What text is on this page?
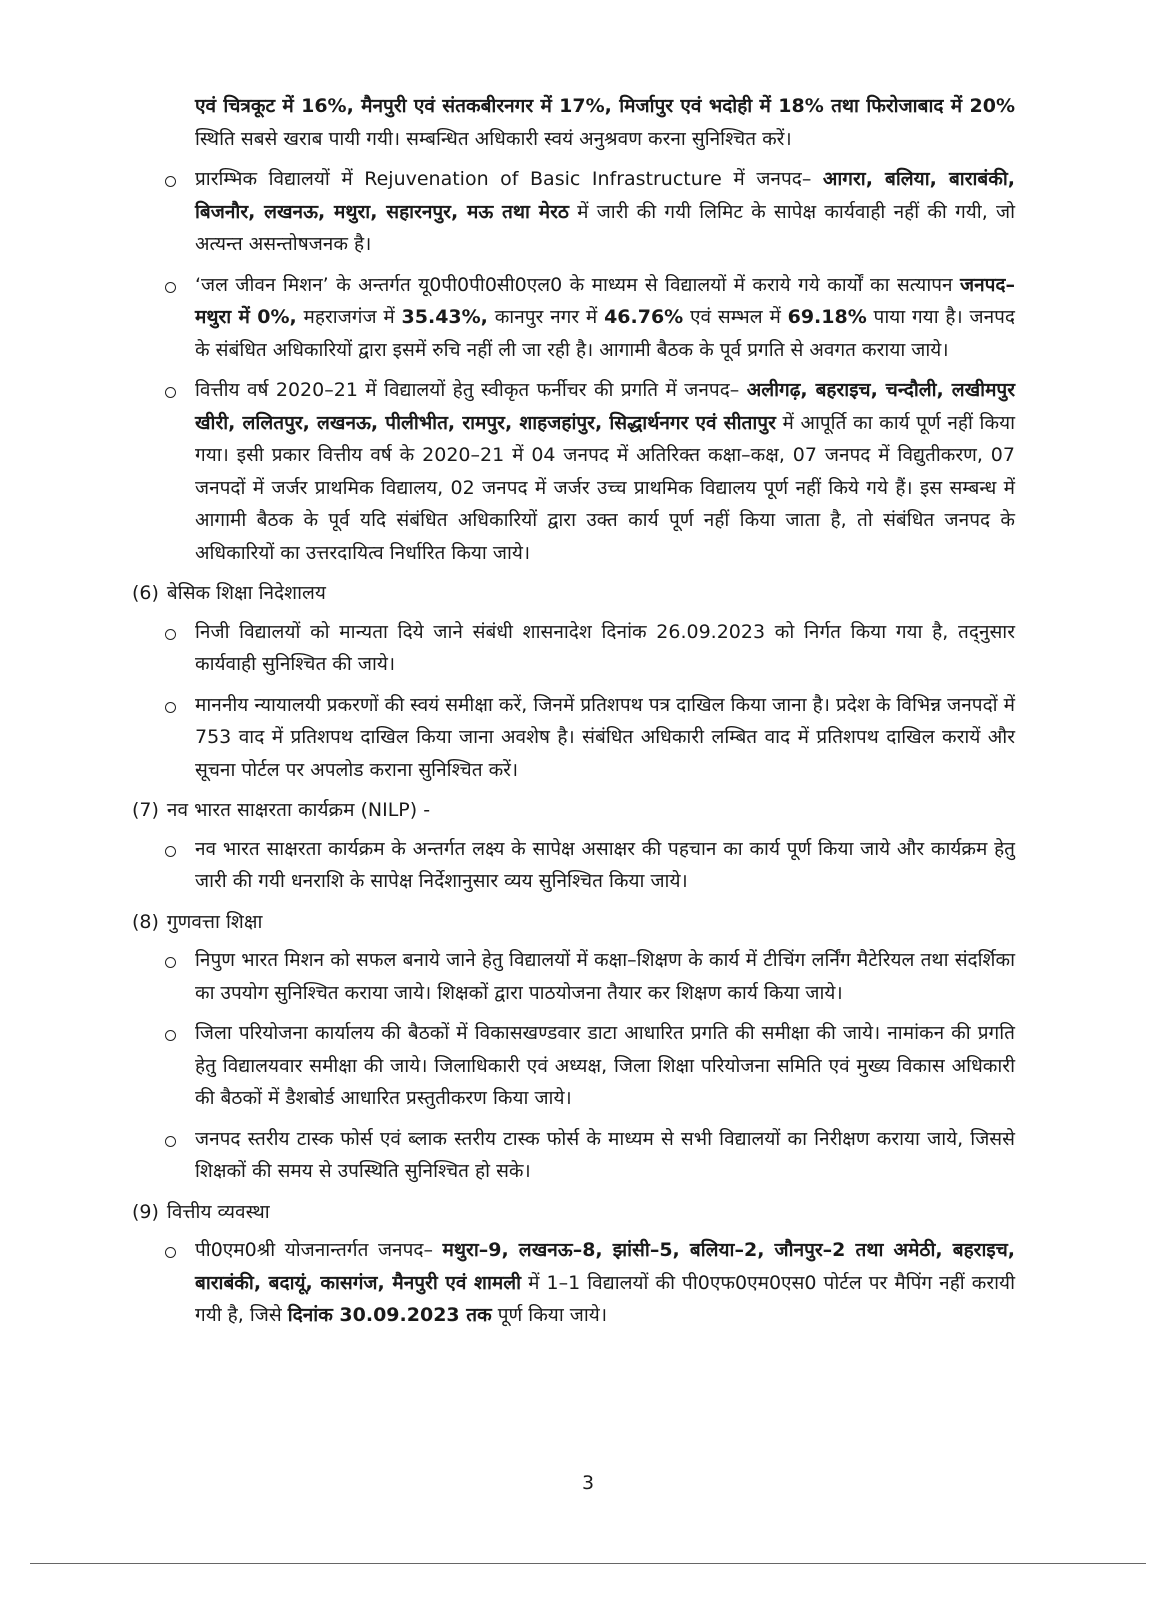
एवं चित्रकूट में 16%, मैनपुरी एवं संतकबीरनगर में 17%, मिर्जापुर एवं भदोही में 18% तथा फिरोजाबाद में 20% स्थिति सबसे खराब पायी गयी। सम्बन्धित अधिकारी स्वयं अनुश्रवण करना सुनिश्चित करें।
प्रारम्भिक विद्यालयों में Rejuvenation of Basic Infrastructure में जनपद– आगरा, बलिया, बाराबंकी, बिजनौर, लखनऊ, मथुरा, सहारनपुर, मऊ तथा मेरठ में जारी की गयी लिमिट के सापेक्ष कार्यवाही नहीं की गयी, जो अत्यन्त असन्तोषजनक है।
‘जल जीवन मिशन’ के अन्तर्गत यू0पी0पी0सी0एल0 के माध्यम से विद्यालयों में कराये गये कार्यों का सत्यापन जनपद– मथुरा में 0%, महराजगंज में 35.43%, कानपुर नगर में 46.76% एवं सम्भल में 69.18% पाया गया है। जनपद के संबंधित अधिकारियों द्वारा इसमें रुचि नहीं ली जा रही है। आगामी बैठक के पूर्व प्रगति से अवगत कराया जाये।
वित्तीय वर्ष 2020–21 में विद्यालयों हेतु स्वीकृत फर्नीचर की प्रगति में जनपद– अलीगढ़, बहराइच, चन्दौली, लखीमपुर खीरी, ललितपुर, लखनऊ, पीलीभीत, रामपुर, शाहजहांपुर, सिद्धार्थनगर एवं सीतापुर में आपूर्ति का कार्य पूर्ण नहीं किया गया। इसी प्रकार वित्तीय वर्ष के 2020–21 में 04 जनपद में अतिरिक्त कक्षा–कक्ष, 07 जनपद में विद्युतीकरण, 07 जनपदों में जर्जर प्राथमिक विद्यालय, 02 जनपद में जर्जर उच्च प्राथमिक विद्यालय पूर्ण नहीं किये गये हैं। इस सम्बन्ध में आगामी बैठक के पूर्व यदि संबंधित अधिकारियों द्वारा उक्त कार्य पूर्ण नहीं किया जाता है, तो संबंधित जनपद के अधिकारियों का उत्तरदायित्व निर्धारित किया जाये।
(6) बेसिक शिक्षा निदेशालय
निजी विद्यालयों को मान्यता दिये जाने संबंधी शासनादेश दिनांक 26.09.2023 को निर्गत किया गया है, तद्नुसार कार्यवाही सुनिश्चित की जाये।
माननीय न्यायालयी प्रकरणों की स्वयं समीक्षा करें, जिनमें प्रतिशपथ पत्र दाखिल किया जाना है। प्रदेश के विभिन्न जनपदों में 753 वाद में प्रतिशपथ दाखिल किया जाना अवशेष है। संबंधित अधिकारी लम्बित वाद में प्रतिशपथ दाखिल करायें और सूचना पोर्टल पर अपलोड कराना सुनिश्चित करें।
(7) नव भारत साक्षरता कार्यक्रम (NILP) -
नव भारत साक्षरता कार्यक्रम के अन्तर्गत लक्ष्य के सापेक्ष असाक्षर की पहचान का कार्य पूर्ण किया जाये और कार्यक्रम हेतु जारी की गयी धनराशि के सापेक्ष निर्देशानुसार व्यय सुनिश्चित किया जाये।
(8) गुणवत्ता शिक्षा
निपुण भारत मिशन को सफल बनाये जाने हेतु विद्यालयों में कक्षा–शिक्षण के कार्य में टीचिंग लर्निंग मैटेरियल तथा संदर्शिका का उपयोग सुनिश्चित कराया जाये। शिक्षकों द्वारा पाठयोजना तैयार कर शिक्षण कार्य किया जाये।
जिला परियोजना कार्यालय की बैठकों में विकासखण्डवार डाटा आधारित प्रगति की समीक्षा की जाये। नामांकन की प्रगति हेतु विद्यालयवार समीक्षा की जाये। जिलाधिकारी एवं अध्यक्ष, जिला शिक्षा परियोजना समिति एवं मुख्य विकास अधिकारी की बैठकों में डैशबोर्ड आधारित प्रस्तुतीकरण किया जाये।
जनपद स्तरीय टास्क फोर्स एवं ब्लाक स्तरीय टास्क फोर्स के माध्यम से सभी विद्यालयों का निरीक्षण कराया जाये, जिससे शिक्षकों की समय से उपस्थिति सुनिश्चित हो सके।
(9) वित्तीय व्यवस्था
पी0एम0श्री योजनान्तर्गत जनपद– मथुरा–9, लखनऊ–8, झांसी–5, बलिया–2, जौनपुर–2 तथा अमेठी, बहराइच, बाराबंकी, बदायूं, कासगंज, मैनपुरी एवं शामली में 1–1 विद्यालयों की पी0एफ0एम0एस0 पोर्टल पर मैपिंग नहीं करायी गयी है, जिसे दिनांक 30.09.2023 तक पूर्ण किया जाये।
3
